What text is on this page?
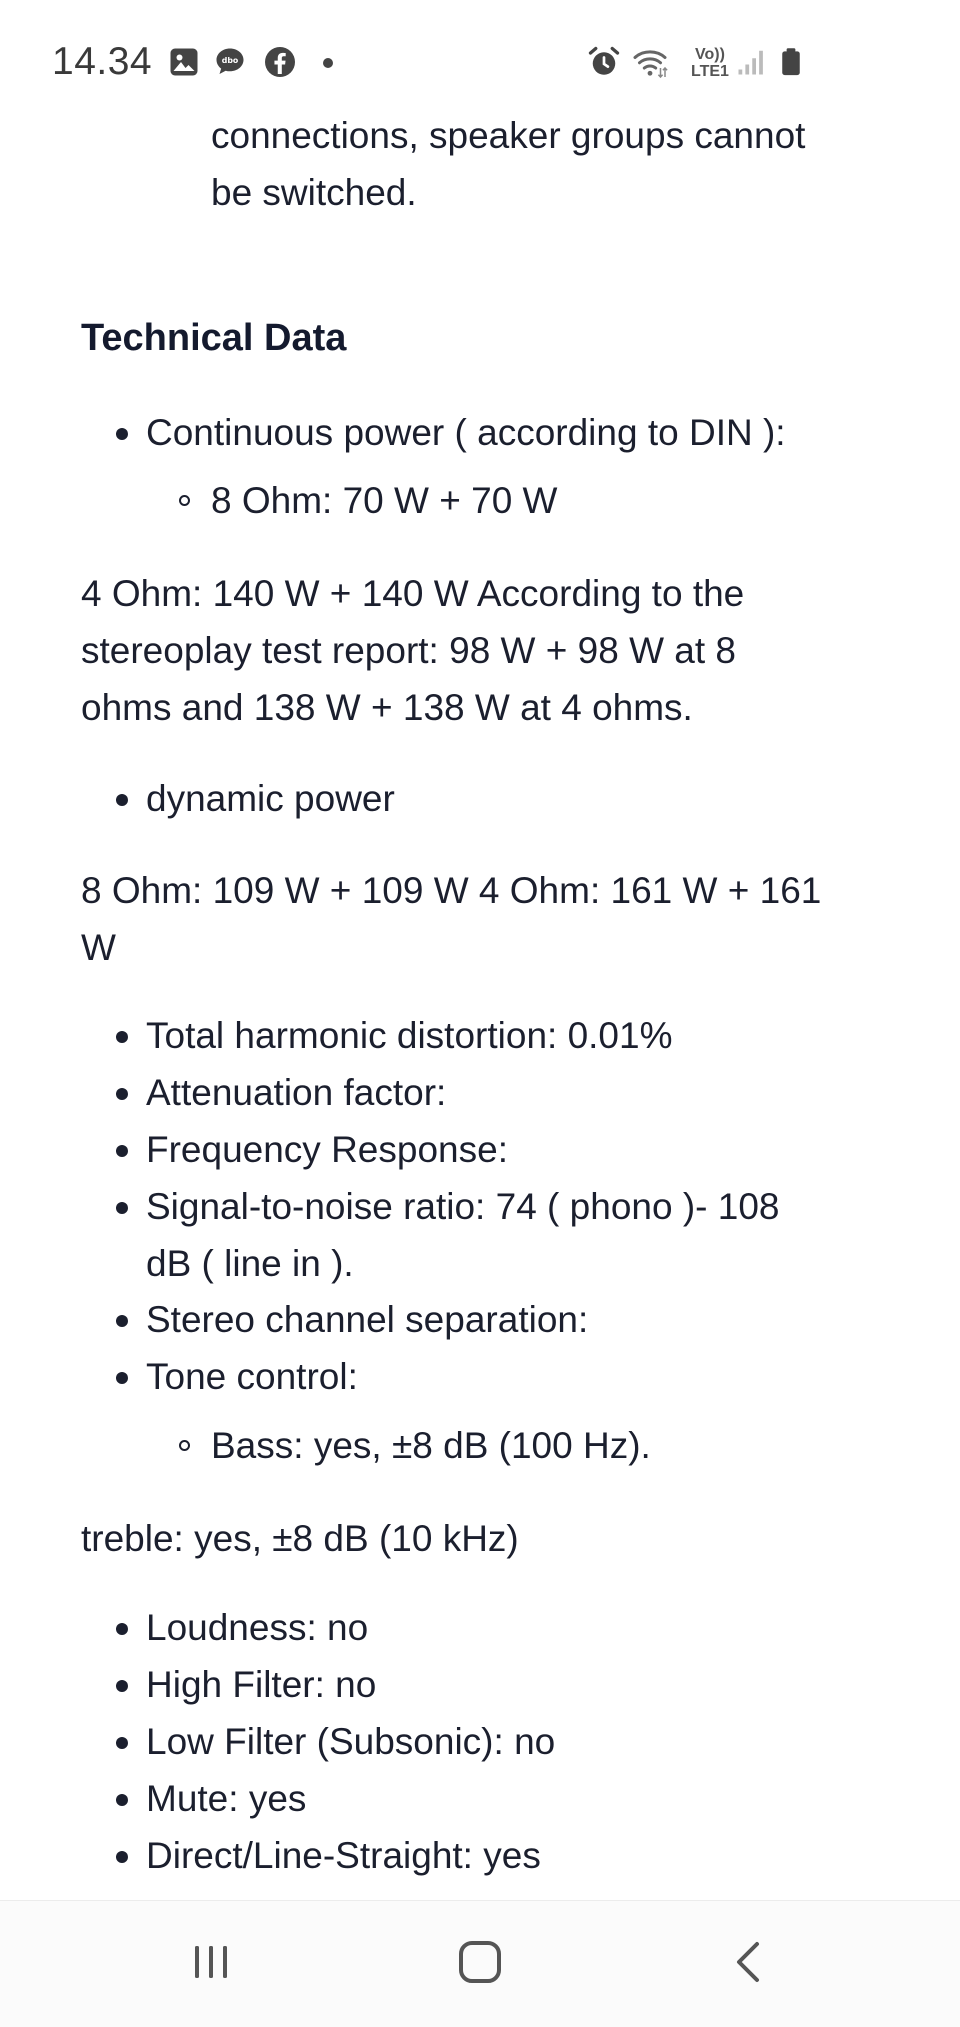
14.34	dbo	Vo))
LTE1
connections, speaker groups cannot
be switched.
Technical Data
Continuous power ( according to DIN ):
8 Ohm: 70 W + 70 W
4 Ohm: 140 W + 140 W According to the
stereoplay test report: 98 W + 98 W at 8
ohms and 138 W + 138 W at 4 ohms.
dynamic power
8 Ohm: 109 W + 109 W 4 Ohm: 161 W + 161
W
Total harmonic distortion: 0.01%
Attenuation factor:
Frequency Response:
Signal-to-noise ratio: 74 ( phono )- 108
dB ( line in ).
Stereo channel separation:
Tone control:
Bass: yes, ±8 dB (100 Hz).
treble: yes, ±8 dB (10 kHz)
Loudness: no
High Filter: no
Low Filter (Subsonic): no
Mute: yes
Direct/Line-Straight: yes
